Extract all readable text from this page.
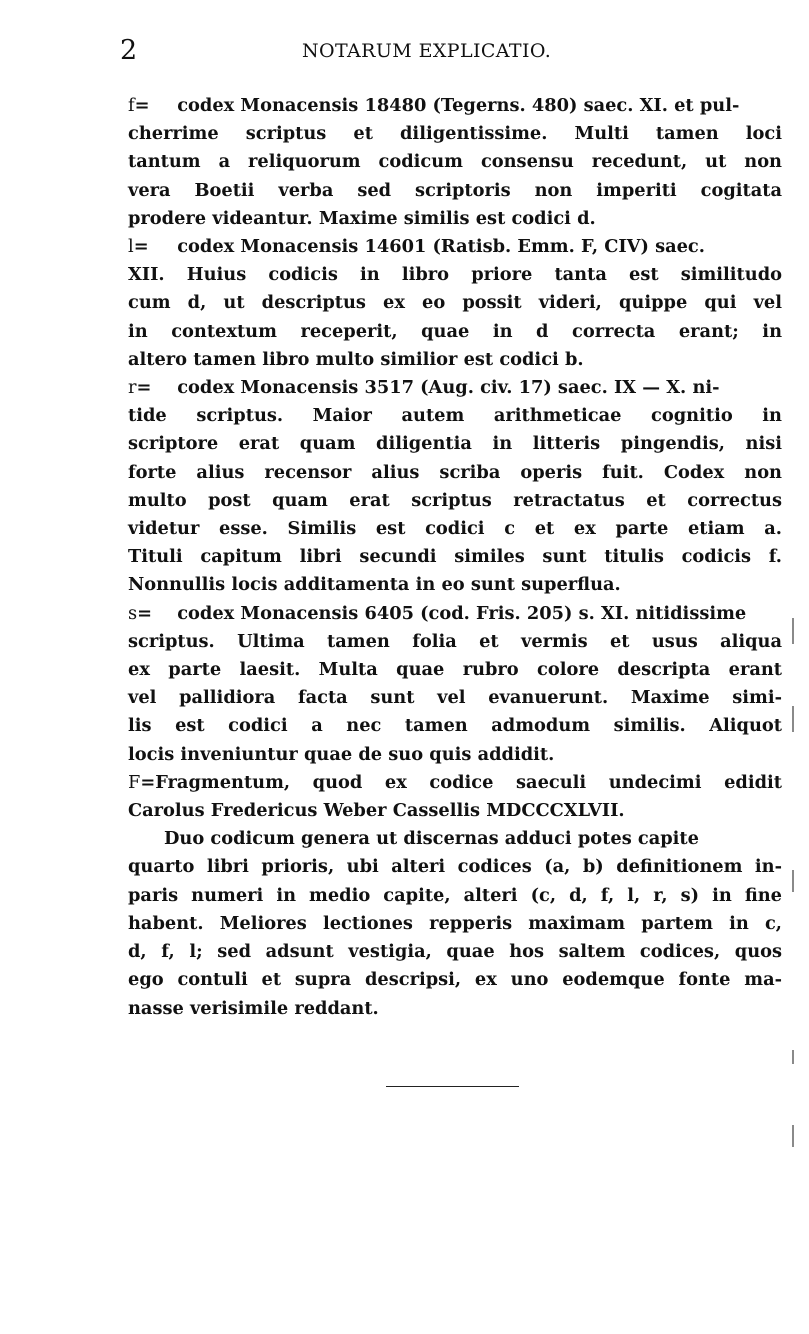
2	NOTARUM EXPLICATIO.
f= codex Monacensis 18480 (Tegerns. 480) saec. XI. et pul-
cherrime scriptus et diligentissime. Multi tamen loci
tantum a reliquorum codicum consensu recedunt, ut non
vera Boetii verba sed scriptoris non imperiti cogitata
prodere videantur. Maxime similis est codici d.
l= codex Monacensis 14601 (Ratisb. Emm. F, CIV) saec.
XII. Huius codicis in libro priore tanta est similitudo
cum d, ut descriptus ex eo possit videri, quippe qui vel
in contextum receperit, quae in d correcta erant; in
altero tamen libro multo similior est codici b.
r= codex Monacensis 3517 (Aug. civ. 17) saec. IX — X. ni-
tide scriptus. Maior autem arithmeticae cognitio in
scriptore erat quam diligentia in litteris pingendis, nisi
forte alius recensor alius scriba operis fuit. Codex non
multo post quam erat scriptus retractatus et correctus
videtur esse. Similis est codici c et ex parte etiam a.
Tituli capitum libri secundi similes sunt titulis codicis f.
Nonnullis locis additamenta in eo sunt superflua.
s= codex Monacensis 6405 (cod. Fris. 205) s. XI. nitidissime
scriptus. Ultima tamen folia et vermis et usus aliqua
ex parte laesit. Multa quae rubro colore descripta erant
vel pallidiora facta sunt vel evanuerunt. Maxime simi-
lis est codici a nec tamen admodum similis. Aliquot
locis inveniuntur quae de suo quis addidit.
F=Fragmentum, quod ex codice saeculi undecimi edidit
Carolus Fredericus Weber Cassellis MDCCCXLVII.
Duo codicum genera ut discernas adduci potes capite
quarto libri prioris, ubi alteri codices (a, b) definitionem in-
paris numeri in medio capite, alteri (c, d, f, l, r, s) in fine
habent. Meliores lectiones repperis maximam partem in c,
d, f, l; sed adsunt vestigia, quae hos saltem codices, quos
ego contuli et supra descripsi, ex uno eodemque fonte ma-
nasse verisimile reddant.
